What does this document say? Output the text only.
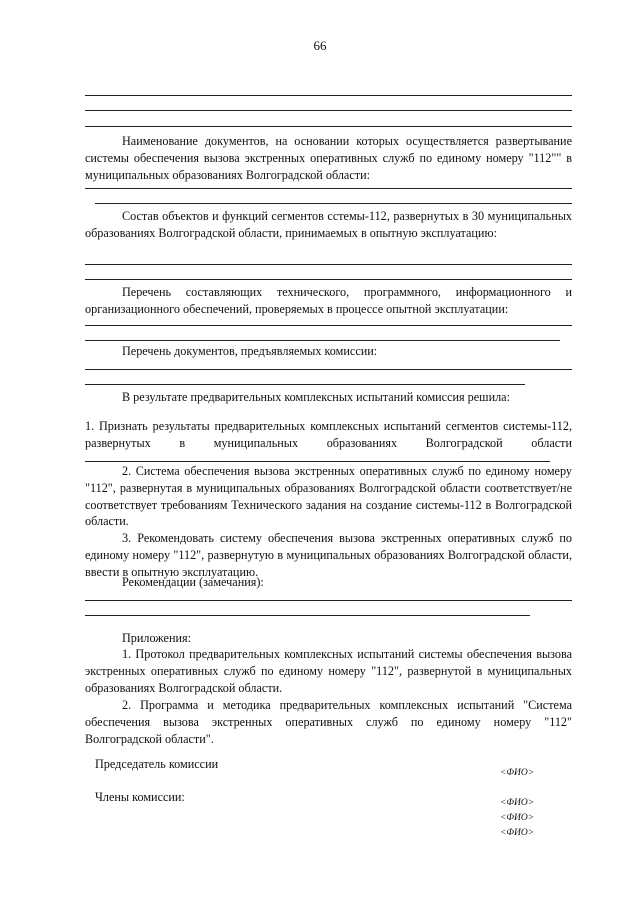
66

Наименование документов, на основании которых осуществляется развертывание системы обеспечения вызова экстренных оперативных служб по единому номеру "112"" в муниципальных образованиях Волгоградской области:

Состав объектов и функций сегментов сстемы-112, развернутых в 30 муниципальных образованиях Волгоградской области, принимаемых в опытную эксплуатацию:

Перечень составляющих технического, программного, информационного и организационного обеспечений, проверяемых в процессе опытной эксплуатации:

Перечень документов, предъявляемых комиссии:

В результате предварительных комплексных испытаний комиссия решила:

1. Признать результаты предварительных комплексных испытаний сегментов системы-112, развернутых в муниципальных образованиях Волгоградской области

2. Система обеспечения вызова экстренных оперативных служб по единому номеру "112", развернутая в муниципальных образованиях Волгоградской области соответствует/не соответствует требованиям Технического задания на создание системы-112 в Волгоградской области.

3. Рекомендовать систему обеспечения вызова экстренных оперативных служб по единому номеру "112", развернутую в муниципальных образованиях Волгоградской области, ввести в опытную эксплуатацию.

Рекомендации (замечания):

Приложения:

1. Протокол предварительных комплексных испытаний системы обеспечения вызова экстренных оперативных служб по единому номеру "112", развернутой в муниципальных образованиях Волгоградской области.

2. Программа и методика предварительных комплексных испытаний "Система обеспечения вызова экстренных оперативных служб по единому номеру "112" Волгоградской области".

Председатель комиссии

<ФИО>

Члены комиссии:	<ФИО>
<ФИО>
<ФИО>
